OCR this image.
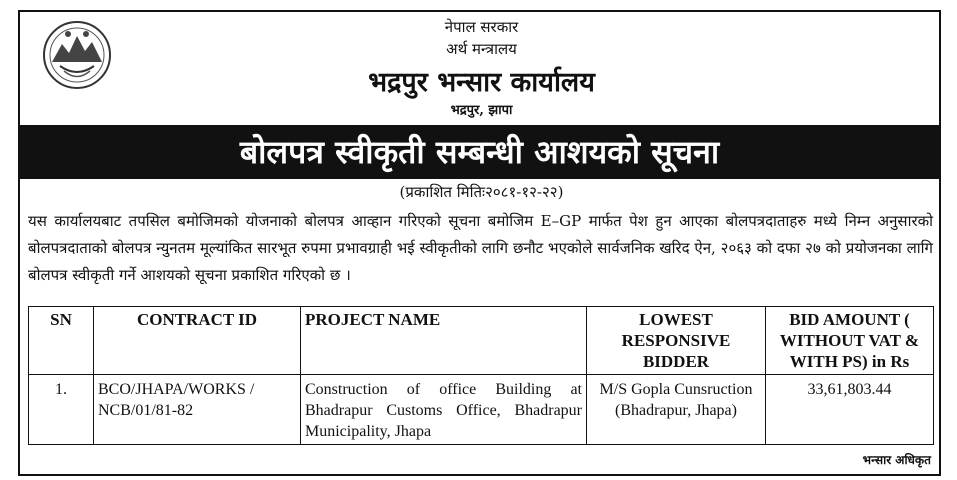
नेपाल सरकार
अर्थ मन्त्रालय
भद्रपुर भन्सार कार्यालय
भद्रपुर, झापा
बोलपत्र स्वीकृती सम्बन्धी आशयको सूचना
(प्रकाशित मितिः२०८१-१२-२२)
यस कार्यालयबाट तपसिल बमोजिमको योजनाको बोलपत्र आव्हान गरिएको सूचना बमोजिम E–GP मार्फत पेश हुन आएका बोलपत्रदाताहरु मध्ये निम्न अनुसारको बोलपत्रदाताको बोलपत्र न्युनतम मूल्यांकित सारभूत रुपमा प्रभावग्राही भई स्वीकृतीको लागि छनौट भएकोले सार्वजनिक खरिद ऐन, २०६३ को दफा २७ को प्रयोजनका लागि बोलपत्र स्वीकृती गर्ने आशयको सूचना प्रकाशित गरिएको छ ।
SN	CONTRACT ID	PROJECT NAME	LOWEST RESPONSIVE BIDDER	BID AMOUNT ( WITHOUT VAT & WITH PS) in Rs
1.	BCO/JHAPA/WORKS / NCB/01/81-82	Construction of office Building at Bhadrapur Customs Office, Bhadrapur Municipality, Jhapa	M/S Gopla Cunsruction (Bhadrapur, Jhapa)	33,61,803.44
भन्सार अधिकृत
